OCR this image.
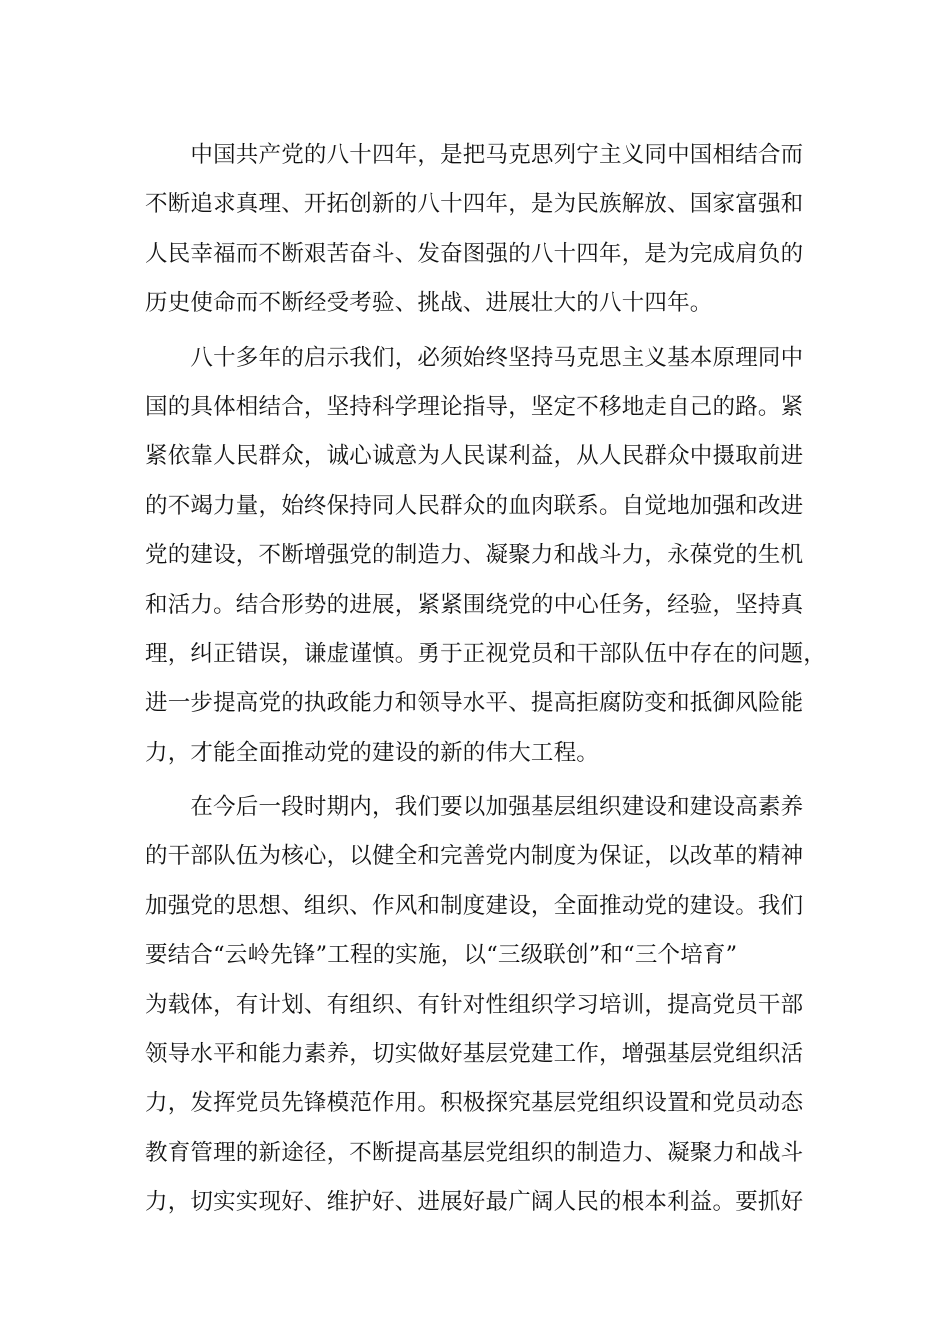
　　中国共产党的八十四年，是把马克思列宁主义同中国相结合而
不断追求真理、开拓创新的八十四年，是为民族解放、国家富强和
人民幸福而不断艰苦奋斗、发奋图强的八十四年，是为完成肩负的
历史使命而不断经受考验、挑战、进展壮大的八十四年。
　　八十多年的启示我们，必须始终坚持马克思主义基本原理同中
国的具体相结合，坚持科学理论指导，坚定不移地走自己的路。紧
紧依靠人民群众，诚心诚意为人民谋利益，从人民群众中摄取前进
的不竭力量，始终保持同人民群众的血肉联系。自觉地加强和改进
党的建设，不断增强党的制造力、凝聚力和战斗力，永葆党的生机
和活力。结合形势的进展，紧紧围绕党的中心任务，经验，坚持真
理，纠正错误，谦虚谨慎。勇于正视党员和干部队伍中存在的问题，
进一步提高党的执政能力和领导水平、提高拒腐防变和抵御风险能
力，才能全面推动党的建设的新的伟大工程。
　　在今后一段时期内，我们要以加强基层组织建设和建设高素养
的干部队伍为核心，以健全和完善党内制度为保证，以改革的精神
加强党的思想、组织、作风和制度建设，全面推动党的建设。我们
要结合“云岭先锋”工程的实施，以“三级联创”和“三个培育”
为载体，有计划、有组织、有针对性组织学习培训，提高党员干部
领导水平和能力素养，切实做好基层党建工作，增强基层党组织活
力，发挥党员先锋模范作用。积极探究基层党组织设置和党员动态
教育管理的新途径，不断提高基层党组织的制造力、凝聚力和战斗
力，切实实现好、维护好、进展好最广阔人民的根本利益。要抓好
